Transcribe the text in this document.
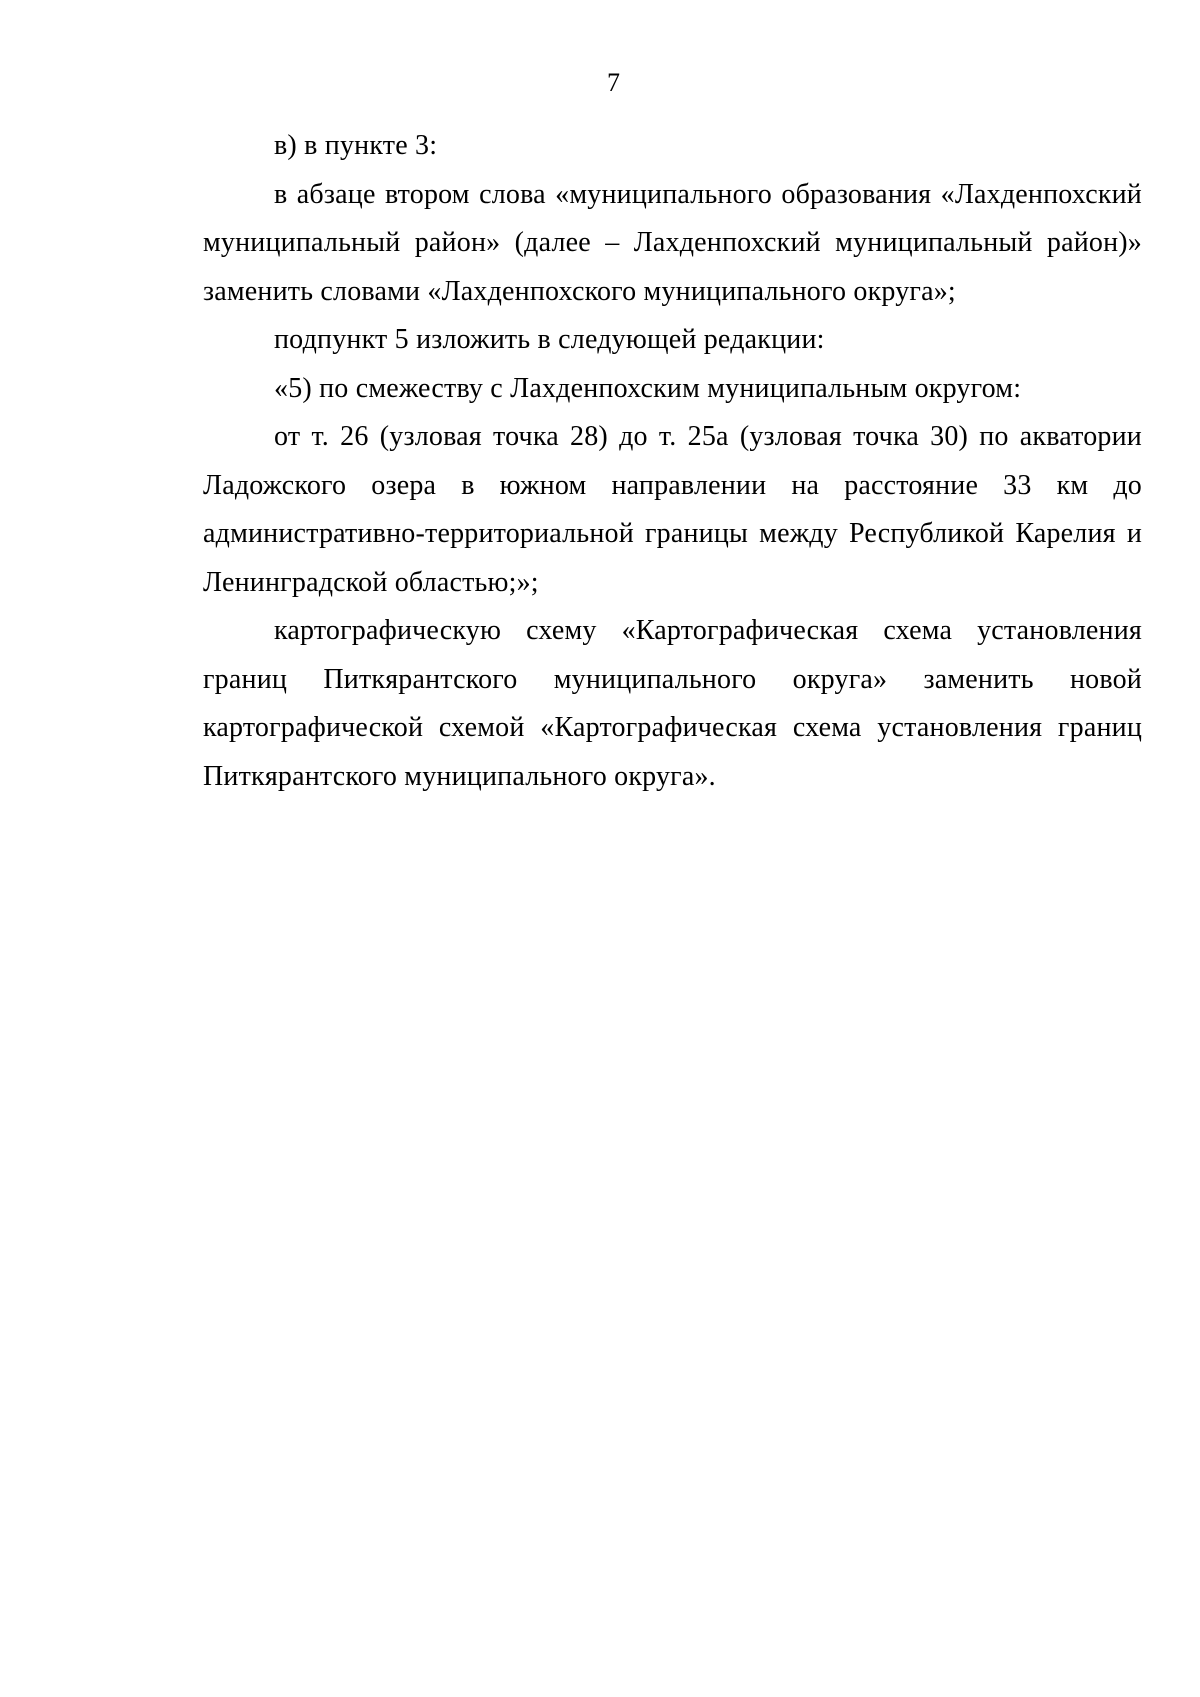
7

в) в пункте 3:

в абзаце втором слова «муниципального образования «Лахденпохский муниципальный район» (далее – Лахденпохский муниципальный район)» заменить словами «Лахденпохского муниципального округа»;

подпункт 5 изложить в следующей редакции:

«5) по смежеству с Лахденпохским муниципальным округом:

от т. 26 (узловая точка 28) до т. 25а (узловая точка 30) по акватории Ладожского озера в южном направлении на расстояние 33 км до административно-территориальной границы между Республикой Карелия и Ленинградской областью;»;

картографическую схему «Картографическая схема установления границ Питкярантского муниципального округа» заменить новой картографической схемой «Картографическая схема установления границ Питкярантского муниципального округа».
